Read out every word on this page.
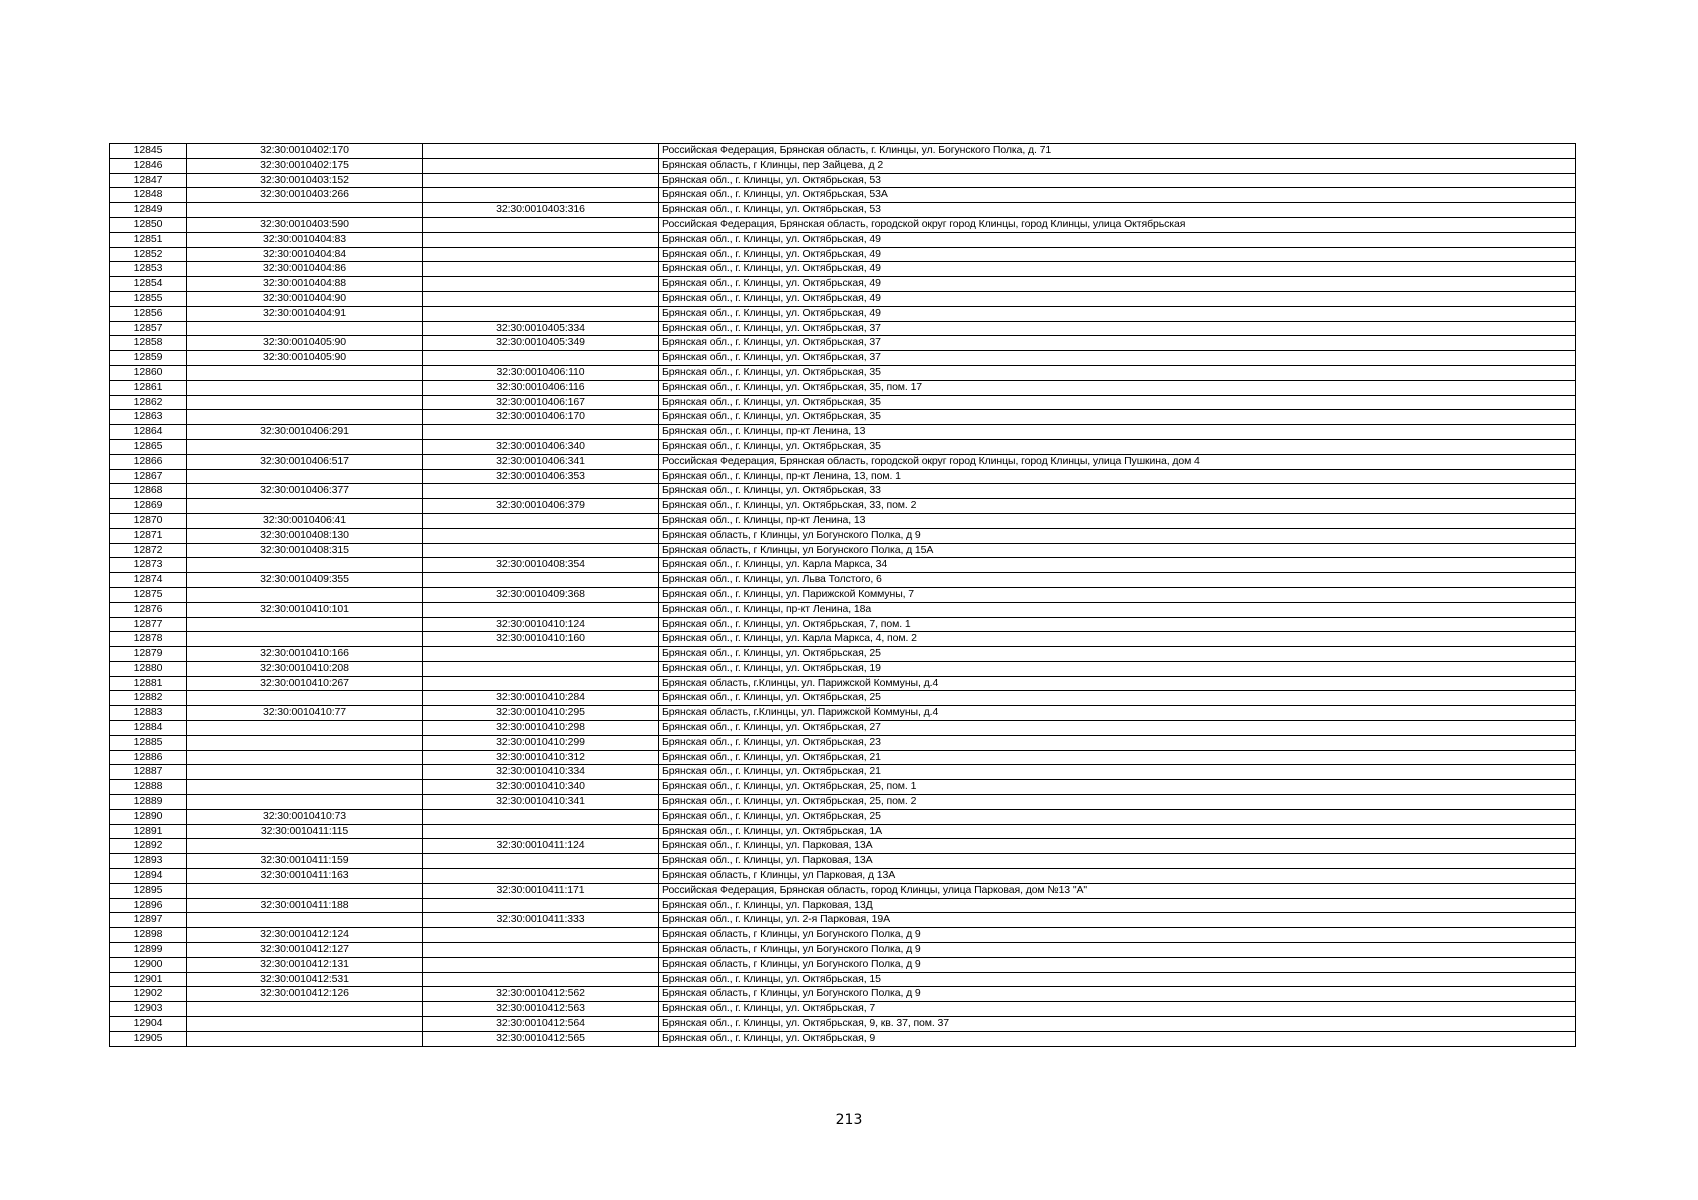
12845	32:30:0010402:170		Российская Федерация, Брянская область, г. Клинцы, ул. Богунского Полка, д. 71
12846	32:30:0010402:175		Брянская область, г Клинцы, пер Зайцева, д 2
12847	32:30:0010403:152		Брянская обл., г. Клинцы, ул. Октябрьская, 53
12848	32:30:0010403:266		Брянская обл., г. Клинцы, ул. Октябрьская, 53А
12849		32:30:0010403:316	Брянская обл., г. Клинцы, ул. Октябрьская, 53
12850	32:30:0010403:590		Российская Федерация, Брянская область, городской округ город Клинцы, город Клинцы, улица Октябрьская
12851	32:30:0010404:83		Брянская обл., г. Клинцы, ул. Октябрьская, 49
12852	32:30:0010404:84		Брянская обл., г. Клинцы, ул. Октябрьская, 49
12853	32:30:0010404:86		Брянская обл., г. Клинцы, ул. Октябрьская, 49
12854	32:30:0010404:88		Брянская обл., г. Клинцы, ул. Октябрьская, 49
12855	32:30:0010404:90		Брянская обл., г. Клинцы, ул. Октябрьская, 49
12856	32:30:0010404:91		Брянская обл., г. Клинцы, ул. Октябрьская, 49
12857		32:30:0010405:334	Брянская обл., г. Клинцы, ул. Октябрьская, 37
12858	32:30:0010405:90	32:30:0010405:349	Брянская обл., г. Клинцы, ул. Октябрьская, 37
12859	32:30:0010405:90		Брянская обл., г. Клинцы, ул. Октябрьская, 37
12860		32:30:0010406:110	Брянская обл., г. Клинцы, ул. Октябрьская, 35
12861		32:30:0010406:116	Брянская обл., г. Клинцы, ул. Октябрьская, 35, пом. 17
12862		32:30:0010406:167	Брянская обл., г. Клинцы, ул. Октябрьская, 35
12863		32:30:0010406:170	Брянская обл., г. Клинцы, ул. Октябрьская, 35
12864	32:30:0010406:291		Брянская обл., г. Клинцы, пр-кт Ленина, 13
12865		32:30:0010406:340	Брянская обл., г. Клинцы, ул. Октябрьская, 35
12866	32:30:0010406:517	32:30:0010406:341	Российская Федерация, Брянская область, городской округ город Клинцы, город Клинцы, улица Пушкина, дом 4
12867		32:30:0010406:353	Брянская обл., г. Клинцы, пр-кт Ленина, 13, пом. 1
12868	32:30:0010406:377		Брянская обл., г. Клинцы, ул. Октябрьская, 33
12869		32:30:0010406:379	Брянская обл., г. Клинцы, ул. Октябрьская, 33, пом. 2
12870	32:30:0010406:41		Брянская обл., г. Клинцы, пр-кт Ленина, 13
12871	32:30:0010408:130		Брянская область, г Клинцы, ул Богунского Полка, д 9
12872	32:30:0010408:315		Брянская область, г Клинцы, ул Богунского Полка, д 15А
12873		32:30:0010408:354	Брянская обл., г. Клинцы, ул. Карла Маркса, 34
12874	32:30:0010409:355		Брянская обл., г. Клинцы, ул. Льва Толстого, 6
12875		32:30:0010409:368	Брянская обл., г. Клинцы, ул. Парижской Коммуны, 7
12876	32:30:0010410:101		Брянская обл., г. Клинцы, пр-кт Ленина, 18а
12877		32:30:0010410:124	Брянская обл., г. Клинцы, ул. Октябрьская, 7, пом. 1
12878		32:30:0010410:160	Брянская обл., г. Клинцы, ул. Карла Маркса, 4, пом. 2
12879	32:30:0010410:166		Брянская обл., г. Клинцы, ул. Октябрьская, 25
12880	32:30:0010410:208		Брянская обл., г. Клинцы, ул. Октябрьская, 19
12881	32:30:0010410:267		Брянская область, г.Клинцы, ул. Парижской Коммуны, д.4
12882		32:30:0010410:284	Брянская обл., г. Клинцы, ул. Октябрьская, 25
12883	32:30:0010410:77	32:30:0010410:295	Брянская область, г.Клинцы, ул. Парижской Коммуны, д.4
12884		32:30:0010410:298	Брянская обл., г. Клинцы, ул. Октябрьская, 27
12885		32:30:0010410:299	Брянская обл., г. Клинцы, ул. Октябрьская, 23
12886		32:30:0010410:312	Брянская обл., г. Клинцы, ул. Октябрьская, 21
12887		32:30:0010410:334	Брянская обл., г. Клинцы, ул. Октябрьская, 21
12888		32:30:0010410:340	Брянская обл., г. Клинцы, ул. Октябрьская, 25, пом. 1
12889		32:30:0010410:341	Брянская обл., г. Клинцы, ул. Октябрьская, 25, пом. 2
12890	32:30:0010410:73		Брянская обл., г. Клинцы, ул. Октябрьская, 25
12891	32:30:0010411:115		Брянская обл., г. Клинцы, ул. Октябрьская, 1А
12892		32:30:0010411:124	Брянская обл., г. Клинцы, ул. Парковая, 13А
12893	32:30:0010411:159		Брянская обл., г. Клинцы, ул. Парковая, 13А
12894	32:30:0010411:163		Брянская область, г Клинцы, ул Парковая, д 13А
12895		32:30:0010411:171	Российская Федерация, Брянская область, город Клинцы, улица Парковая, дом №13 "А"
12896	32:30:0010411:188		Брянская обл., г. Клинцы, ул. Парковая, 13Д
12897		32:30:0010411:333	Брянская обл., г. Клинцы, ул. 2-я Парковая, 19А
12898	32:30:0010412:124		Брянская область, г Клинцы, ул Богунского Полка, д 9
12899	32:30:0010412:127		Брянская область, г Клинцы, ул Богунского Полка, д 9
12900	32:30:0010412:131		Брянская область, г Клинцы, ул Богунского Полка, д 9
12901	32:30:0010412:531		Брянская обл., г. Клинцы, ул. Октябрьская, 15
12902	32:30:0010412:126	32:30:0010412:562	Брянская область, г Клинцы, ул Богунского Полка, д 9
12903		32:30:0010412:563	Брянская обл., г. Клинцы, ул. Октябрьская, 7
12904		32:30:0010412:564	Брянская обл., г. Клинцы, ул. Октябрьская, 9, кв. 37, пом. 37
12905		32:30:0010412:565	Брянская обл., г. Клинцы, ул. Октябрьская, 9
213
